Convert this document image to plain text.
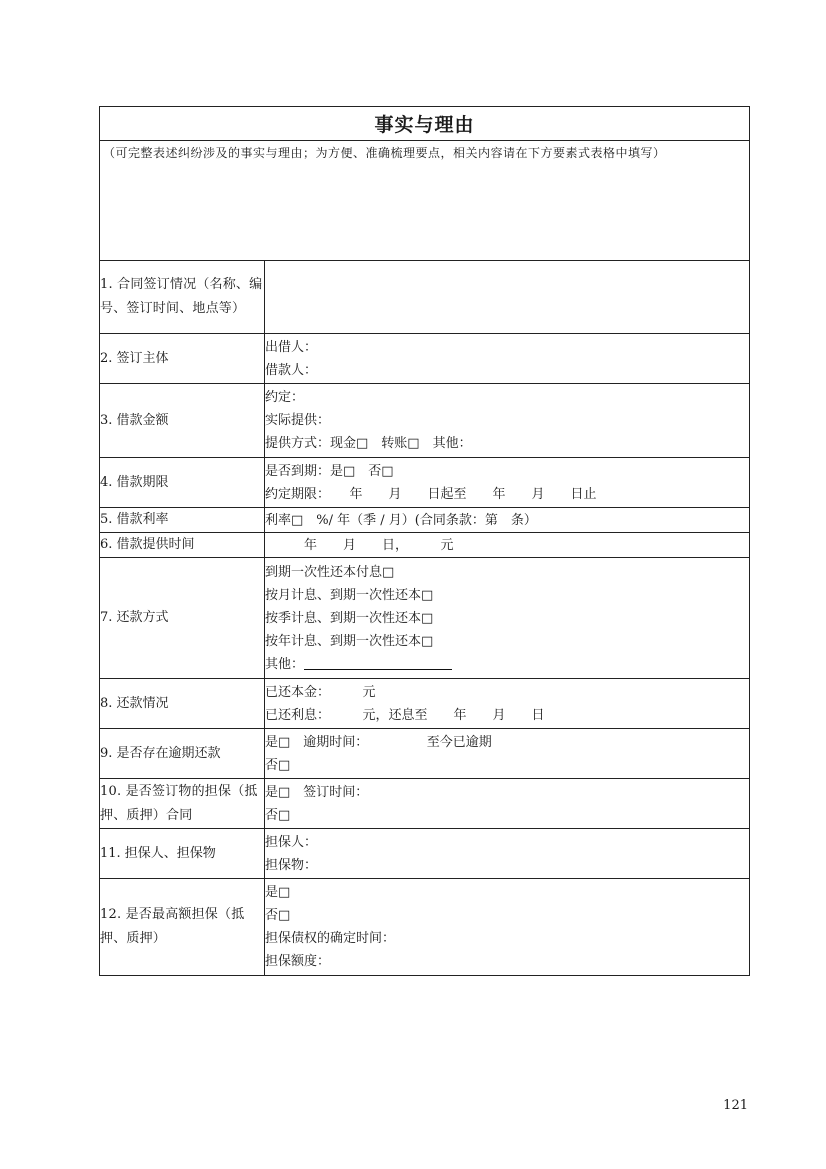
事实与理由	

（可完整表述纠纷涉及的事实与理由；为方便、准确梳理要点，相关内容请在下方要素式表格中填写）	

1. 合同签订情况（名称、编号、签订时间、地点等）	
2. 签订主体	出借人：
借款人：

3. 借款金额	约定：
实际提供：
提供方式：现金□　转账□　其他：

4. 借款期限	是否到期：是□　否□
约定期限：　　年　　月　　日起至　　年　　月　　日止

5. 借款利率	利率□　%/ 年（季 / 月）(合同条款：第　条）

6. 借款提供时间	　　　年　　月　　日，　　　元

7. 还款方式	到期一次性还本付息□
按月计息、到期一次性还本□
按季计息、到期一次性还本□
按年计息、到期一次性还本□
其他：

8. 还款情况	已还本金：　　　元
已还利息：　　　元，还息至　　年　　月　　日

9. 是否存在逾期还款	是□　逾期时间：　　　　　至今已逾期
否□

10. 是否签订物的担保（抵押、质押）合同	是□　签订时间：
否□

11. 担保人、担保物	担保人：
担保物：

12. 是否最高额担保（抵押、质押）	是□
否□
担保债权的确定时间：
担保额度：
121
